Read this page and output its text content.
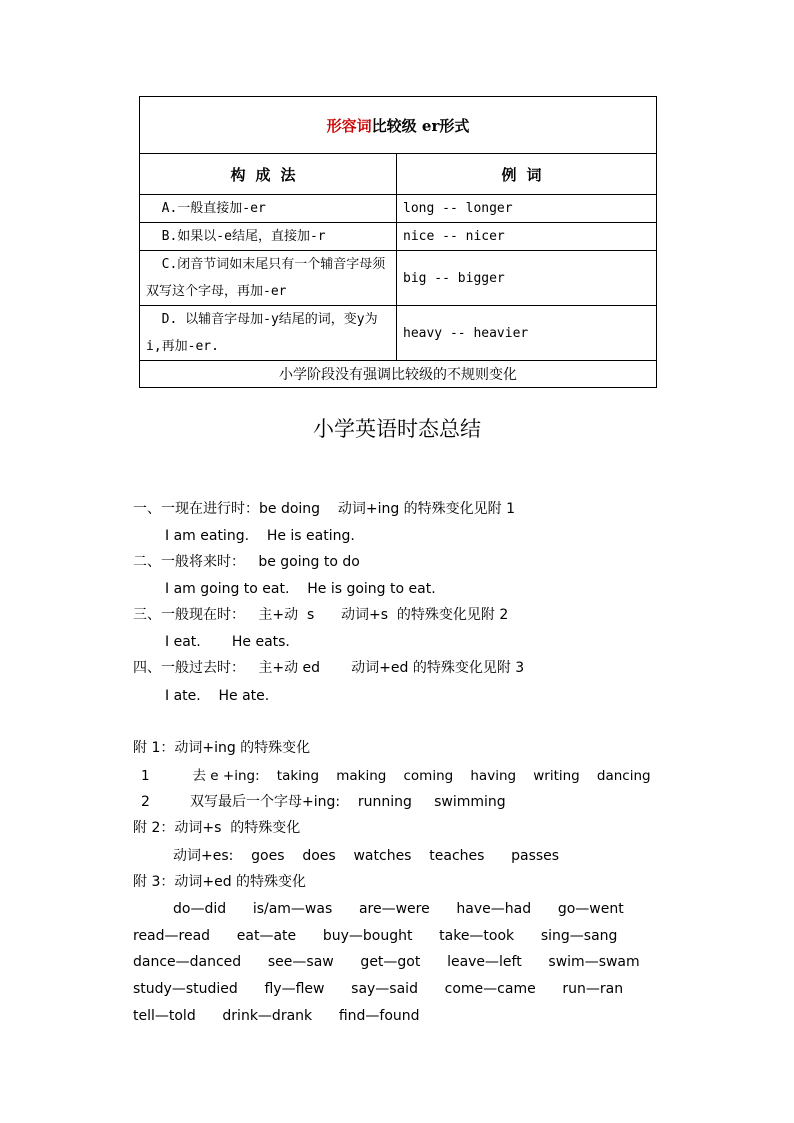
形容词比较级 er形式	
构成法	例词
A.一般直接加-er	long -- longer
B.如果以-e结尾，直接加-r	nice -- nicer
C.闭音节词如末尾只有一个辅音字母须双写这个字母，再加-er	big -- bigger
D. 以辅音字母加-y结尾的词，变y为i,再加-er.	heavy -- heavier
小学阶段没有强调比较级的不规则变化	
小学英语时态总结
一、一现在进行时：be doing    动词+ing 的特殊变化见附 1
I am eating.    He is eating.
二、一般将来时：   be going to do
I am going to eat.    He is going to eat.
三、一般现在时：   主+动  s      动词+s  的特殊变化见附 2
I eat.       He eats.
四、一般过去时：   主+动 ed       动词+ed 的特殊变化见附 3
I ate.    He ate.
附 1：动词+ing 的特殊变化
1          去 e +ing:    taking    making    coming    having    writing    dancing
2         双写最后一个字母+ing:    running     swimming
附 2：动词+s  的特殊变化
动词+es:    goes    does    watches    teaches      passes
附 3：动词+ed 的特殊变化
do—did      is/am—was      are—were      have—had      go—went
read—read      eat—ate      buy—bought      take—took      sing—sang
dance—danced      see—saw      get—got      leave—left      swim—swam
study—studied      fly—flew      say—said      come—came      run—ran
tell—told      drink—drank      find—found
